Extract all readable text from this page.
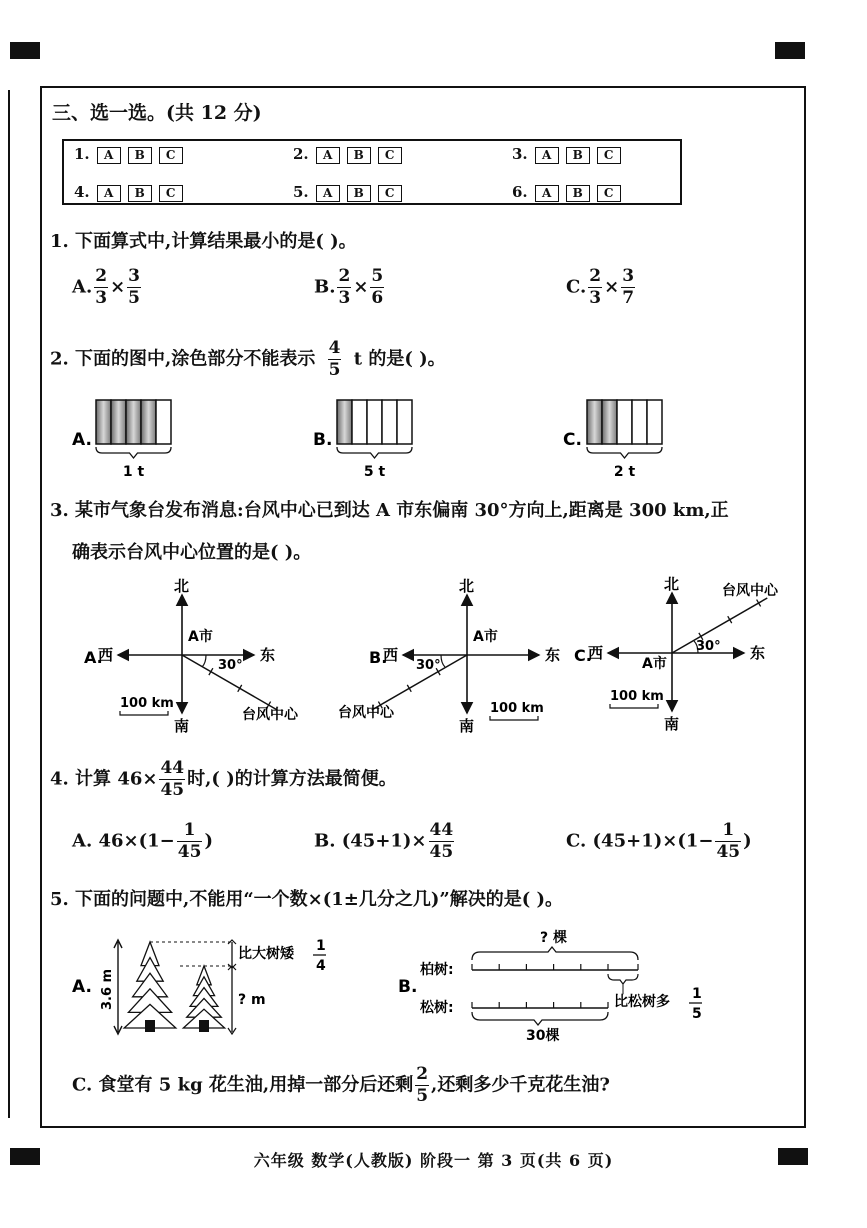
三、选一选。(共 12 分)
1. A B C	2. A B C	3. A B C
4. A B C	5. A B C	6. A B C
1. 下面算式中,计算结果最小的是( )。
A. $\frac{2}{3} \times \frac{3}{5}$	B. $\frac{2}{3} \times \frac{5}{6}$	C. $\frac{2}{3} \times \frac{3}{7}$
2. 下面的图中,涂色部分不能表示 $\frac{4}{5}$ t 的是( )。
A.
1 t
B.
5 t
C.
2 t
3. 某市气象台发布消息:台风中心已到达 A 市东偏南 30°方向上,距离是 300 km,正
确表示台风中心位置的是( )。
北
南
东
西
A.
A市
30°
台风中心
100 km
北
南
东
西
B.
A市
30°
台风中心	100 km
北
南
东
西
C.	A市
30°
台风中心
100 km
4. 计算 $46\times \frac{44}{45}$ 时,( )的计算方法最简便。
A. $46\times(1- \frac{1}{45}$ )	B. $(45+1)\times \frac{44}{45}$	C. $(45+1)\times(1- \frac{1}{45}$ )
5. 下面的问题中,不能用“一个数×(1±几分之几)”解决的是( )。
A. 3.6 m
比大树矮 1
4
? m
B.
? 棵
柏树:
松树:	比松树多 1
5
30棵
C. 食堂有 5 kg 花生油,用掉一部分后还剩 $\frac{2}{5}$ ,还剩多少千克花生油?
六年级 数学(人教版) 阶段一 第 3 页(共 6 页)
